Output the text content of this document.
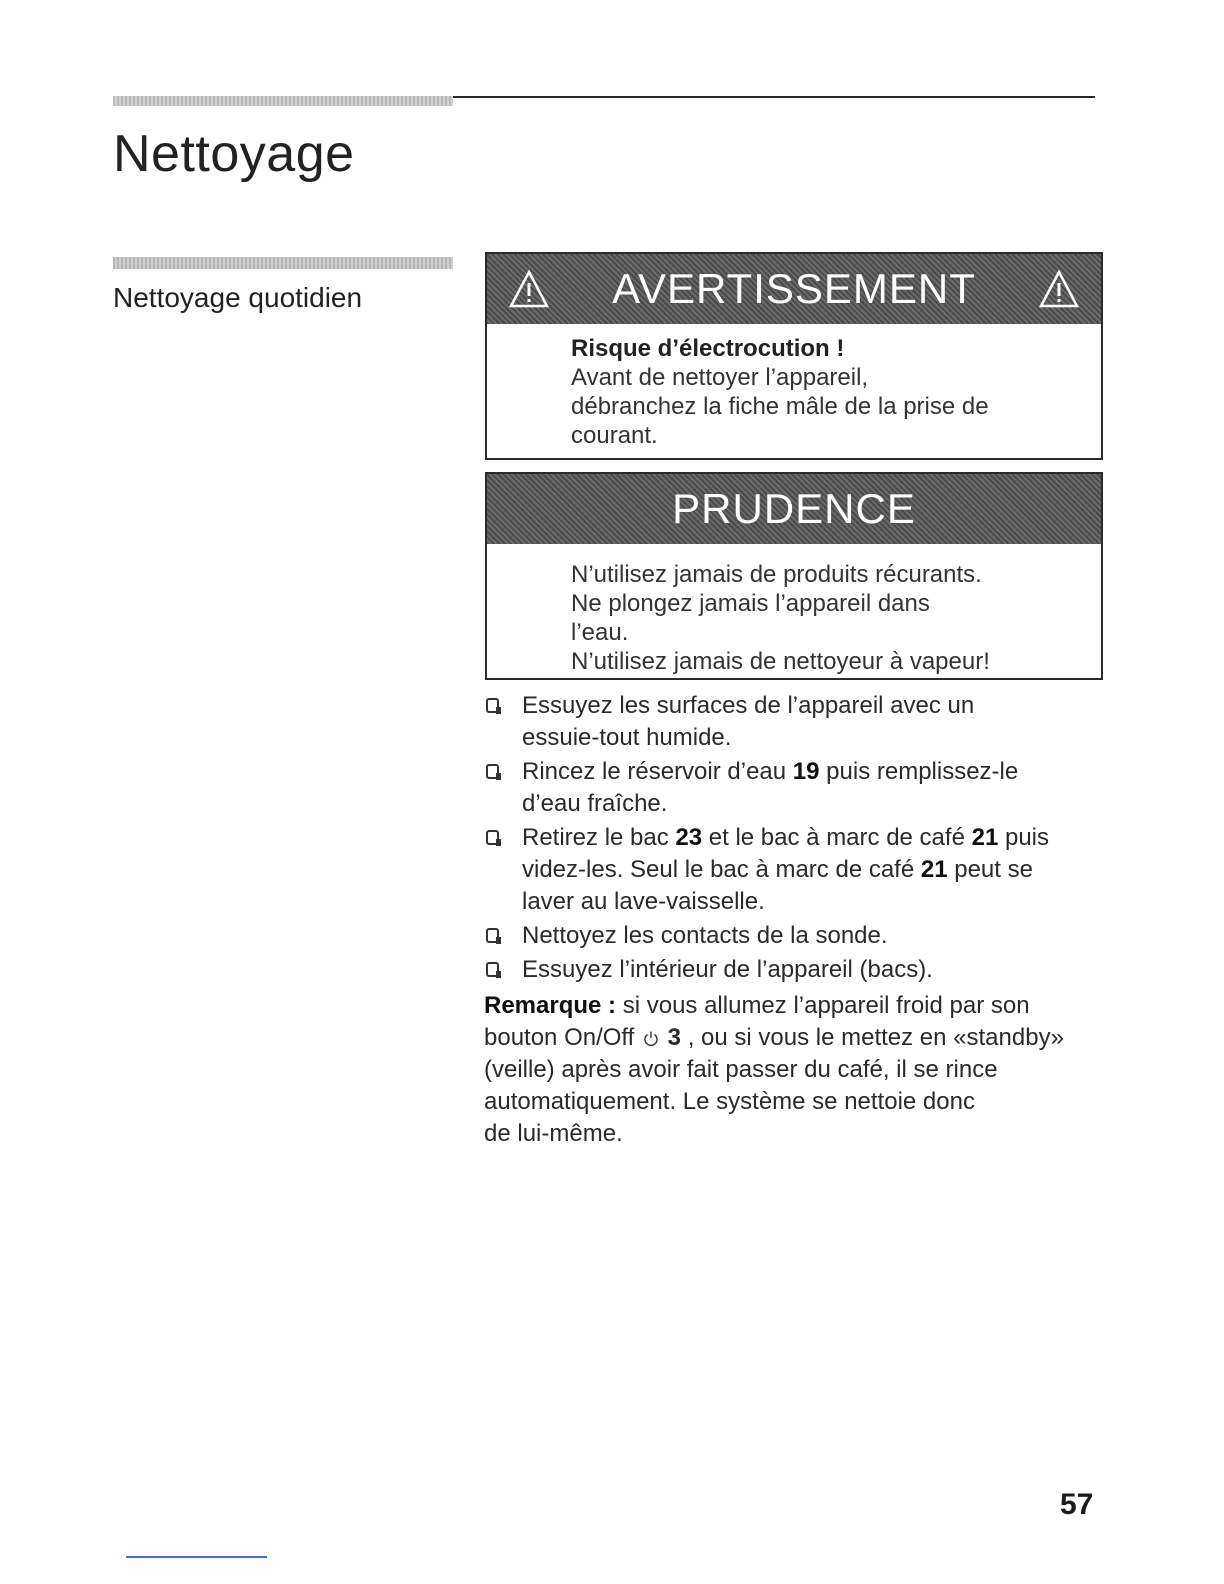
Nettoyage
Nettoyage quotidien	AVERTISSEMENT
Risque d’électrocution !
Avant de nettoyer l’appareil,
débranchez la fiche mâle de la prise de
courant.
PRUDENCE
N’utilisez jamais de produits récurants.
Ne plongez jamais l’appareil dans
l’eau.
N’utilisez jamais de nettoyeur à vapeur!
Essuyez les surfaces de l’appareil avec un
essuie-tout humide.
Rincez le réservoir d’eau 19 puis remplissez-le
d’eau fraîche.
Retirez le bac 23 et le bac à marc de café 21 puis
videz-les. Seul le bac à marc de café 21 peut se
laver au lave-vaisselle.
Nettoyez les contacts de la sonde.
Essuyez l’intérieur de l’appareil (bacs).

Remarque : si vous allumez l’appareil froid par son
bouton On/Off  3 , ou si vous le mettez en «standby»
(veille) après avoir fait passer du café, il se rince
automatiquement. Le système se nettoie donc
de lui-même.

57
